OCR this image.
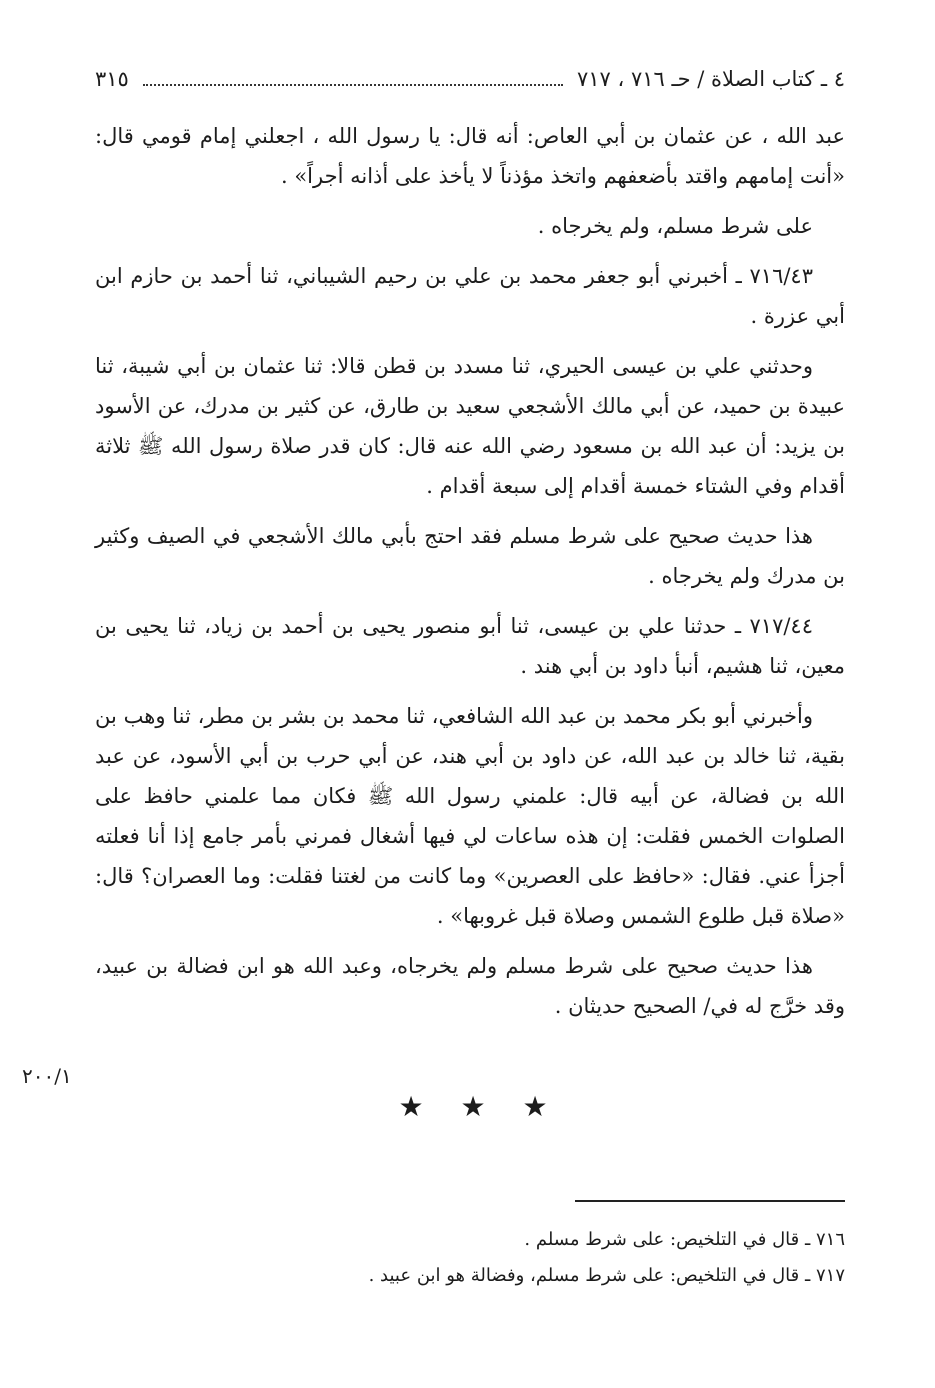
٤ ـ كتاب الصلاة / حـ ٧١٦ ، ٧١٧
٣١٥

عبد الله ، عن عثمان بن أبي العاص: أنه قال: يا رسول الله ، اجعلني إمام قومي قال: «أنت إمامهم واقتد بأضعفهم واتخذ مؤذناً لا يأخذ على أذانه أجراً» .

على شرط مسلم، ولم يخرجاه .

٧١٦/٤٣ ـ أخبرني أبو جعفر محمد بن علي بن رحيم الشيباني، ثنا أحمد بن حازم ابن أبي عزرة .

وحدثني علي بن عيسى الحيري، ثنا مسدد بن قطن قالا: ثنا عثمان بن أبي شيبة، ثنا عبيدة بن حميد، عن أبي مالك الأشجعي سعيد بن طارق، عن كثير بن مدرك، عن الأسود بن يزيد: أن عبد الله بن مسعود رضي الله عنه قال: كان قدر صلاة رسول الله ﷺ ثلاثة أقدام وفي الشتاء خمسة أقدام إلى سبعة أقدام .

هذا حديث صحيح على شرط مسلم فقد احتج بأبي مالك الأشجعي في الصيف وكثير بن مدرك ولم يخرجاه .

٧١٧/٤٤ ـ حدثنا علي بن عيسى، ثنا أبو منصور يحيى بن أحمد بن زياد، ثنا يحيى بن معين، ثنا هشيم، أنبأ داود بن أبي هند .

وأخبرني أبو بكر محمد بن عبد الله الشافعي، ثنا محمد بن بشر بن مطر، ثنا وهب بن بقية، ثنا خالد بن عبد الله، عن داود بن أبي هند، عن أبي حرب بن أبي الأسود، عن عبد الله بن فضالة، عن أبيه قال: علمني رسول الله ﷺ فكان مما علمني حافظ على الصلوات الخمس فقلت: إن هذه ساعات لي فيها أشغال فمرني بأمر جامع إذا أنا فعلته أجزأ عني. فقال: «حافظ على العصرين» وما كانت من لغتنا فقلت: وما العصران؟ قال: «صلاة قبل طلوع الشمس وصلاة قبل غروبها» .

هذا حديث صحيح على شرط مسلم ولم يخرجاه، وعبد الله هو ابن فضالة بن عبيد، وقد خرَّج له في/ الصحيح حديثان .

٢٠٠/١
★ ★ ★
٧١٦ ـ قال في التلخيص: على شرط مسلم .
٧١٧ ـ قال في التلخيص: على شرط مسلم، وفضالة هو ابن عبيد .
